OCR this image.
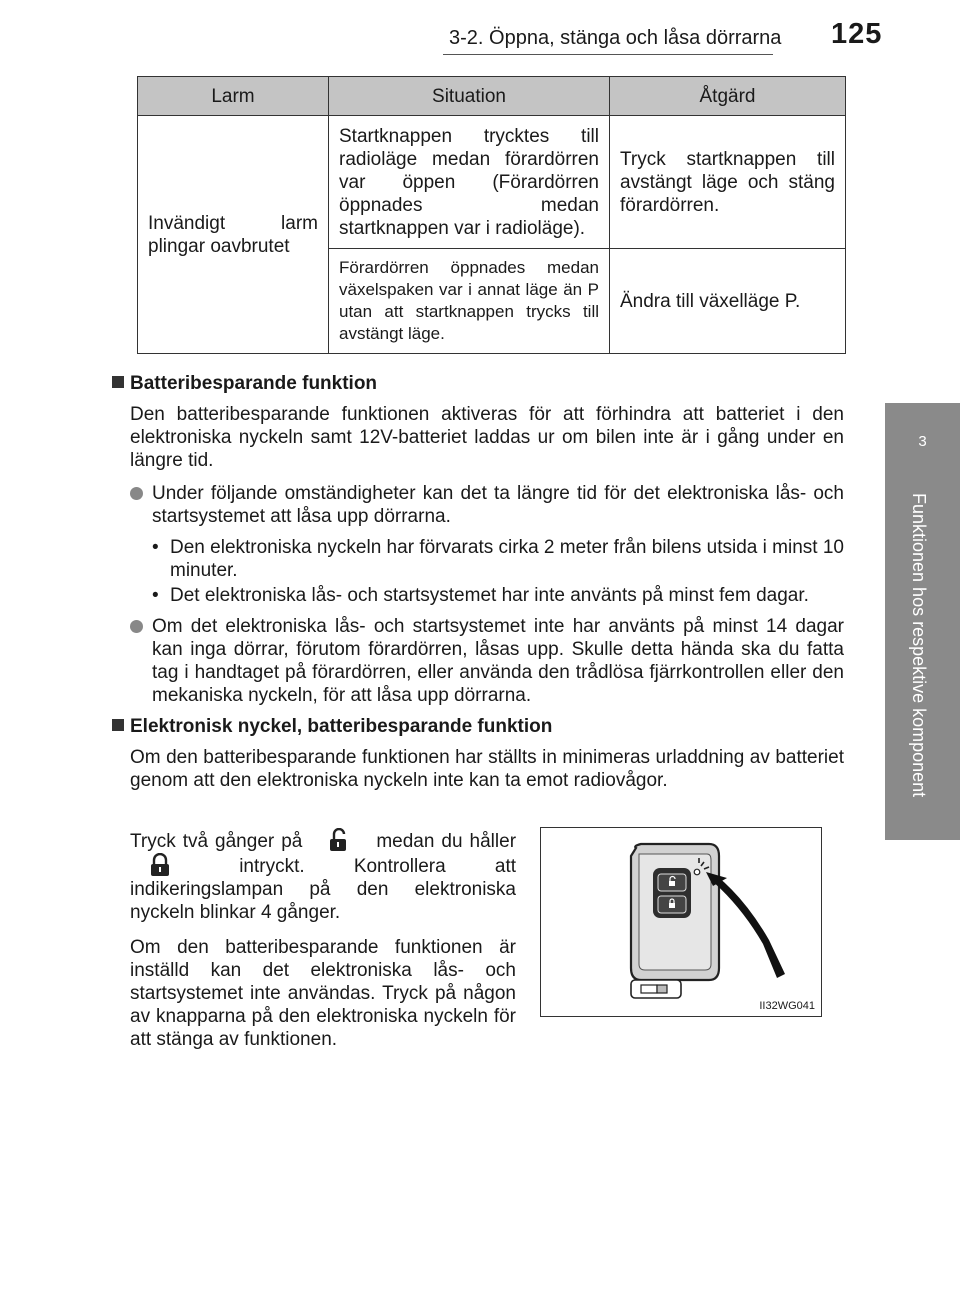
3-2. Öppna, stänga och låsa dörrarna 125
3
Funktionen hos respektive komponent
Larm	Situation	Åtgärd
Invändigt larm plingar oavbrutet	Startknappen trycktes till radioläge medan förardörren var öppen (Förardörren öppnades medan startknappen var i radioläge).	Tryck startknappen till avstängt läge och stäng förardörren.
	Förardörren öppnades medan växelspaken var i annat läge än P utan att startknappen trycks till avstängt läge.	Ändra till växelläge P.
Batteribesparande funktion
Den batteribesparande funktionen aktiveras för att förhindra att batteriet i den elektroniska nyckeln samt 12V-batteriet laddas ur om bilen inte är i gång under en längre tid.
Under följande omständigheter kan det ta längre tid för det elektroniska lås- och startsystemet att låsa upp dörrarna.
• Den elektroniska nyckeln har förvarats cirka 2 meter från bilens utsida i minst 10 minuter.
• Det elektroniska lås- och startsystemet har inte använts på minst fem dagar.
Om det elektroniska lås- och startsystemet inte har använts på minst 14 dagar kan inga dörrar, förutom förardörren, låsas upp. Skulle detta hända ska du fatta tag i handtaget på förardörren, eller använda den trådlösa fjärrkontrollen eller den mekaniska nyckeln, för att låsa upp dörrarna.
Elektronisk nyckel, batteribesparande funktion
Om den batteribesparande funktionen har ställts in minimeras urladdning av batteriet genom att den elektroniska nyckeln inte kan ta emot radiovågor.

Tryck två gånger på	medan du håller  intryckt. Kontrollera att indikeringslampan på den elektroniska nyckeln blinkar 4 gånger.

Om den batteribesparande funktionen är inställd kan det elektroniska lås- och startsystemet inte användas. Tryck på någon av knapparna på den elektroniska nyckeln för att stänga av funktionen.

II32WG041
